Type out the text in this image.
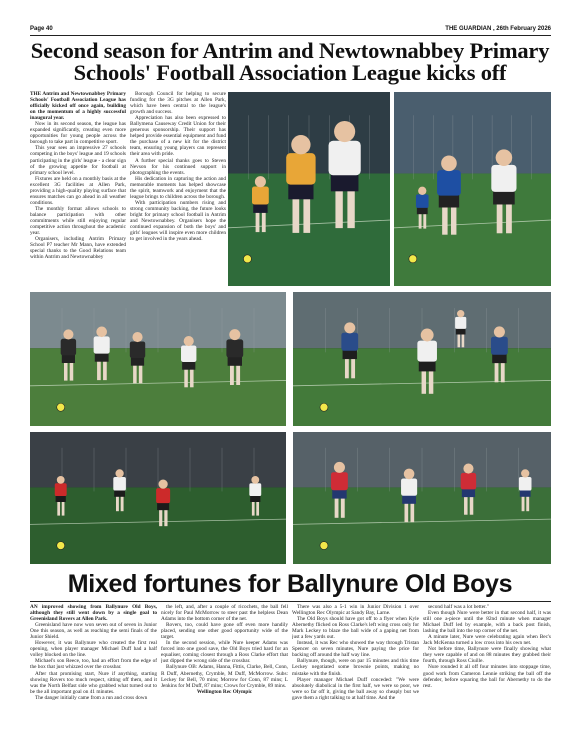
Page 40	THE GUARDIAN , 26th February 2026
Second season for Antrim and Newtownabbey Primary Schools' Football Association League kicks off

THE Antrim and Newtownabbey Primary Schools' Football Association League has officially kicked off once again, building on the momentum of a highly successful inaugural year.

Now in its second season, the league has expanded significantly, creating even more opportunities for young people across the borough to take part in competitive sport.

This year sees an impressive 27 schools competing in the boys' league and 19 schools participating in the girls' league - a clear sign of the growing appetite for football at primary school level.

Fixtures are held on a monthly basis at the excellent 3G facilities at Allen Park, providing a high-quality playing surface that ensures matches can go ahead in all weather conditions.

The monthly format allows schools to balance participation with other commitments while still enjoying regular competitive action throughout the academic year.

Organisers, including Antrim Primary School P7 teacher Mr Mann, have extended special thanks to the Good Relations team within Antrim and Newtownabbey

Borough Council for helping to secure funding for the 3G pitches at Allen Park, which have been central to the league's growth and success.

Appreciation has also been expressed to Ballymena Causeway Credit Union for their generous sponsorship. Their support has helped provide essential equipment and fund the purchase of a new kit for the district team, ensuring young players can represent their area with pride.

A further special thanks goes to Steven Nevson for his continued support in photographing the events.

His dedication in capturing the action and memorable moments has helped showcase the spirit, teamwork and enjoyment that the league brings to children across the borough.

With participation numbers rising and strong community backing, the future looks bright for primary school football in Antrim and Newtownabbey. Organisers hope the continued expansion of both the boys' and girls' leagues will inspire even more children to get involved in the years ahead.

Mixed fortunes for Ballynure Old Boys

AN improved showing from Ballynure Old Boys, although they still went down by a single goal to Greenisland Rovers at Allen Park.

Greenisland have now won seven out of seven in Junior One this season, as well as reaching the semi finals of the Junior Shield.

However, it was Ballynure who created the first real opening, when player manager Michael Duff had a half volley blocked on the line.

Michael's son Reece, too, had an effort from the edge of the box that just whizzed over the crossbar.

After that promising start, Nure if anything, starting showing Rovers too much respect, sitting off them, and it was the North Belfast side who grabbed what turned out to be the all important goal on 41 minutes.

The danger initially came from a run and cross down

the left, and, after a couple of ricochets, the ball fell nicely for Paul McMorrow to steer past the helpless Dean Adams into the bottom corner of the net.

Rovers, too, could have gone off even more handily placed, sending one other good opportunity wide of the target.

In the second session, while Nure keeper Adams was forced into one good save, the Old Boys tried hard for an equaliser, coming closest through a Ross Clarke effort that just dipped the wrong side of the crossbar.

Ballynure OB: Adams, Hanna, Fittis, Clarke, Bell, Conn, R Duff, Abernethy, Crymble, M Duff, McMorrow. Subs: Leckey for Bell, 70 mins; Morrow for Conn, 87 mins; L Jenkins for M Duff, 87 mins; Crows for Crymble, 89 mins.

Wellington Rec Olympic

There was also a 5-1 win in Junior Division 1 over Wellington Rec Olympic at Sandy Bay, Larne.

The Old Boys should have got off to a flyer when Kyle Abernethy flicked on Ross Clarke's left wing cross only for Mark Leckey to blaze the ball wide of a gaping net from just a few yards out.

Instead, it was Rec who showed the way through Tristan Spencer on seven minutes, Nure paying the price for backing off around the half way line.

Ballynure, though, were on par 15 minutes and this time Leckey negotiated some brownie points, making no mistake with the finish.

Player manager Michael Duff conceded: "We were absolutely diabolical in the first half, we were so poor, we were so far off it, giving the ball away so cheaply but we gave them a right talking to at half time. And the

second half was a lot better."

Even though Nure were better in that second half, it was still one a-piece until the 82nd minute when manager Michael Duff led by example, with a back post finish, lashing the ball into the top corner of the net.

A minute later, Nure were celebrating again when Bec's Jack McKenna turned a low cross into his own net.

Not before time, Ballynure were finally showing what they were capable of and on 88 minutes they grabbed their fourth, through Ross Ciuille.

Nure rounded it all off four minutes into stoppage time, good work from Cameron Lennie striking the ball off the defender, before squaring the ball for Abernethy to do the rest.
